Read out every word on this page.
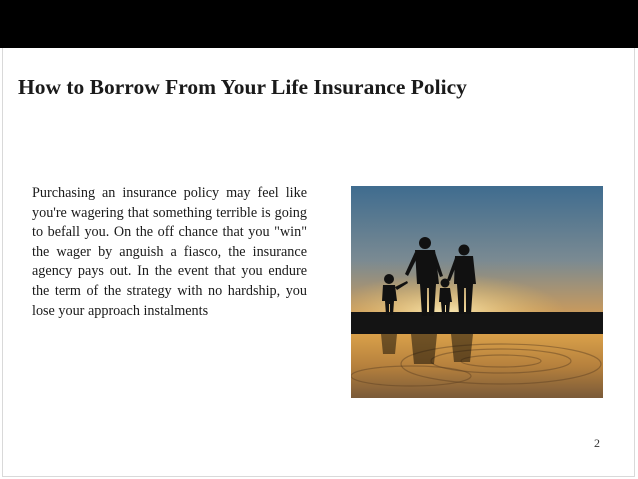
How to Borrow From Your Life Insurance Policy

Purchasing an insurance policy may feel like you're wagering that something terrible is going to befall you. On the off chance that you "win" the wager by anguish a fiasco, the insurance agency pays out. In the event that you endure the term of the strategy with no hardship, you lose your approach instalments

2
